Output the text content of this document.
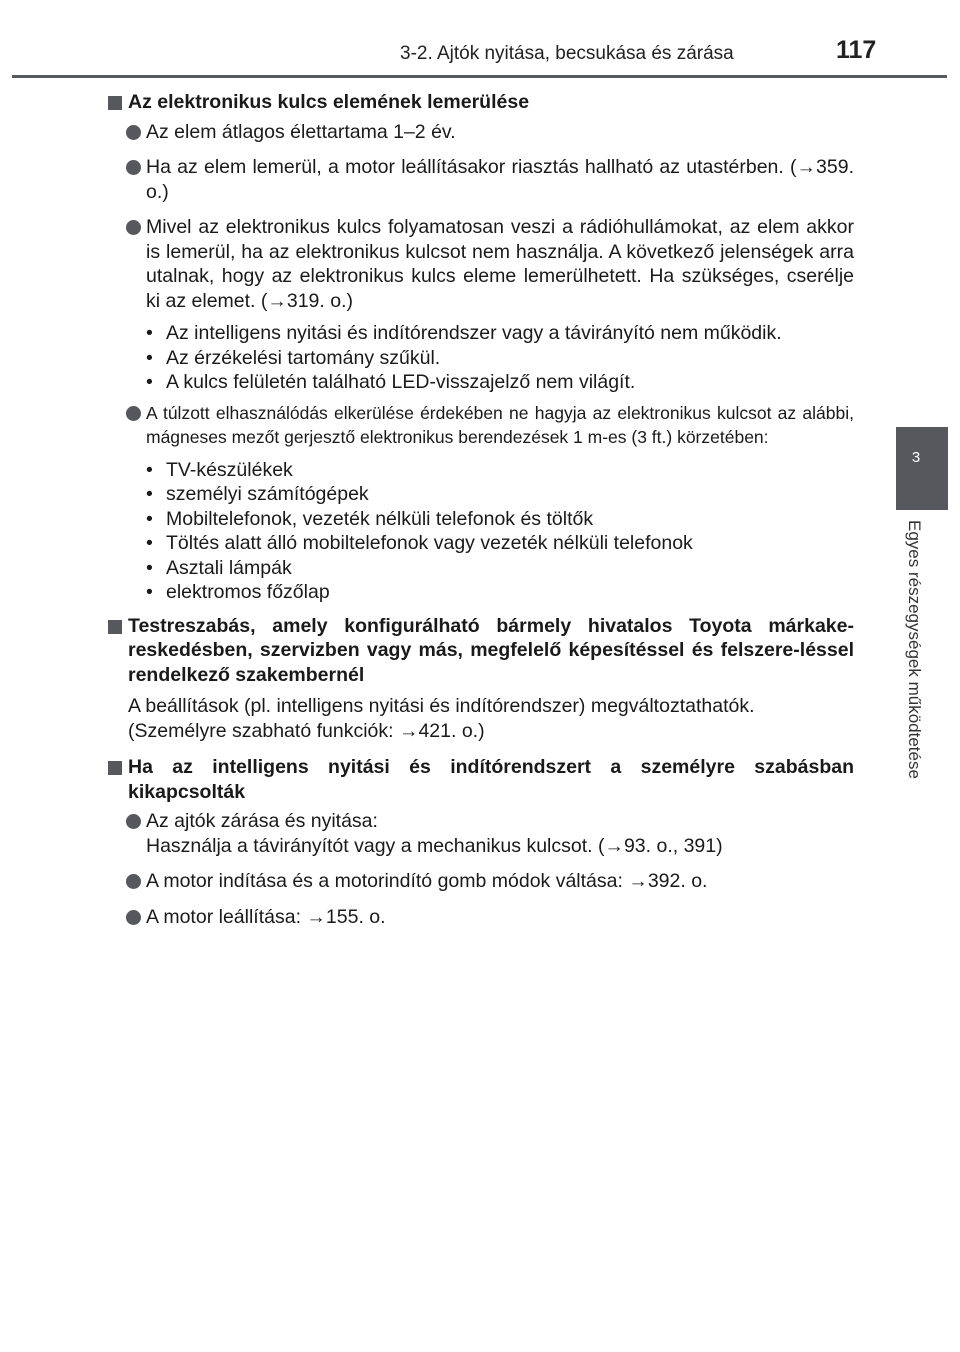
3-2. Ajtók nyitása, becsukása és zárása	117
3
Egyes részegységek működtetése
Az elektronikus kulcs elemének lemerülése
Az elem átlagos élettartama 1–2 év.
Ha az elem lemerül, a motor leállításakor riasztás hallható az utastérben. (→359. o.)
Mivel az elektronikus kulcs folyamatosan veszi a rádióhullámokat, az elem akkor is lemerül, ha az elektronikus kulcsot nem használja. A következő jelenségek arra utalnak, hogy az elektronikus kulcs eleme lemerülhetett. Ha szükséges, cserélje ki az elemet. (→319. o.)
• Az intelligens nyitási és indítórendszer vagy a távirányító nem működik.
• Az érzékelési tartomány szűkül.
• A kulcs felületén található LED-visszajelző nem világít.
A túlzott elhasználódás elkerülése érdekében ne hagyja az elektronikus kulcsot az alábbi, mágneses mezőt gerjesztő elektronikus berendezések 1 m-es (3 ft.) körzetében:
• TV-készülékek
• személyi számítógépek
• Mobiltelefonok, vezeték nélküli telefonok és töltők
• Töltés alatt álló mobiltelefonok vagy vezeték nélküli telefonok
• Asztali lámpák
• elektromos főzőlap
Testreszabás, amely konfigurálható bármely hivatalos Toyota márkake-reskedésben, szervizben vagy más, megfelelő képesítéssel és felszere-léssel rendelkező szakembernél
A beállítások (pl. intelligens nyitási és indítórendszer) megváltoztathatók.
(Személyre szabható funkciók: →421. o.)
Ha az intelligens nyitási és indítórendszert a személyre szabásban kikapcsolták
Az ajtók zárása és nyitása:
Használja a távirányítót vagy a mechanikus kulcsot. (→93. o., 391)
A motor indítása és a motorindító gomb módok váltása: →392. o.
A motor leállítása: →155. o.
